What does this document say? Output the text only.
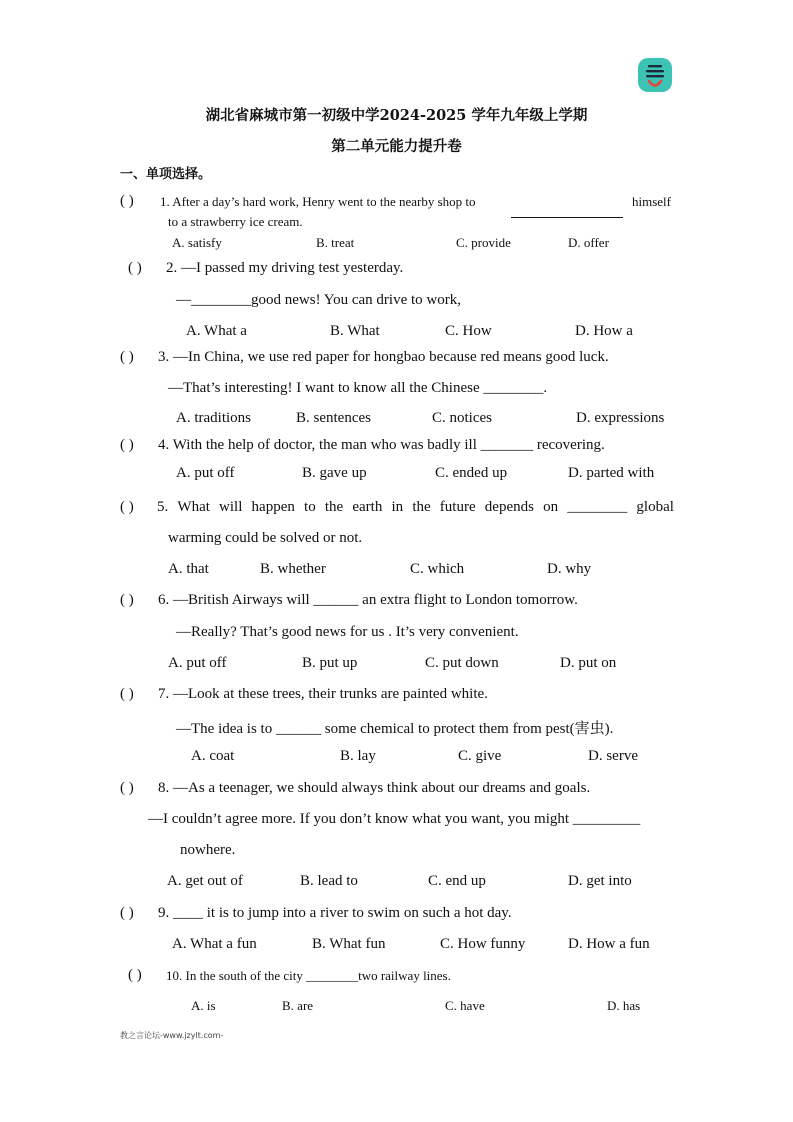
湖北省麻城市第一初级中学2024-2025 学年九年级上学期
第二单元能力提升卷
一、单项选择。
( ) 1. After a day’s hard work, Henry went to the nearby shop to	himself
to a strawberry ice cream.
A. satisfy	B. treat	C. provide	D. offer
( ) 2. —I passed my driving test yesterday.
—________good news! You can drive to work,
A. What a	B. What	C. How	D. How a
( ) 3. —In China, we use red paper for hongbao because red means good luck.
—That’s interesting! I want to know all the Chinese ________.
A. traditions	B. sentences	C. notices	D. expressions
( ) 4. With the help of doctor, the man who was badly ill _______ recovering.
A. put off	B. gave up	C. ended up	D. parted with
( ) 5. What will happen to the earth in the future depends on ________ global
warming could be solved or not.
A. that	B. whether	C. which	D. why
( ) 6. —British Airways will ______ an extra flight to London tomorrow.
—Really? That’s good news for us . It’s very convenient.
A. put off	B. put up	C. put down	D. put on
( ) 7. —Look at these trees, their trunks are painted white.
—The idea is to ______ some chemical to protect them from pest(害虫).
A. coat	B. lay	C. give	D. serve
( ) 8. —As a teenager, we should always think about our dreams and goals.
—I couldn’t agree more. If you don’t know what you want, you might _________
nowhere.
A. get out of	B. lead to	C. end up	D. get into
( ) 9. ____ it is to jump into a river to swim on such a hot day.
A. What a fun	B. What fun	C. How funny	D. How a fun
( ) 10. In the south of the city ________two railway lines.
A. is	B. are	C. have	D. has
教之言论坛-www.jzylt.com-
